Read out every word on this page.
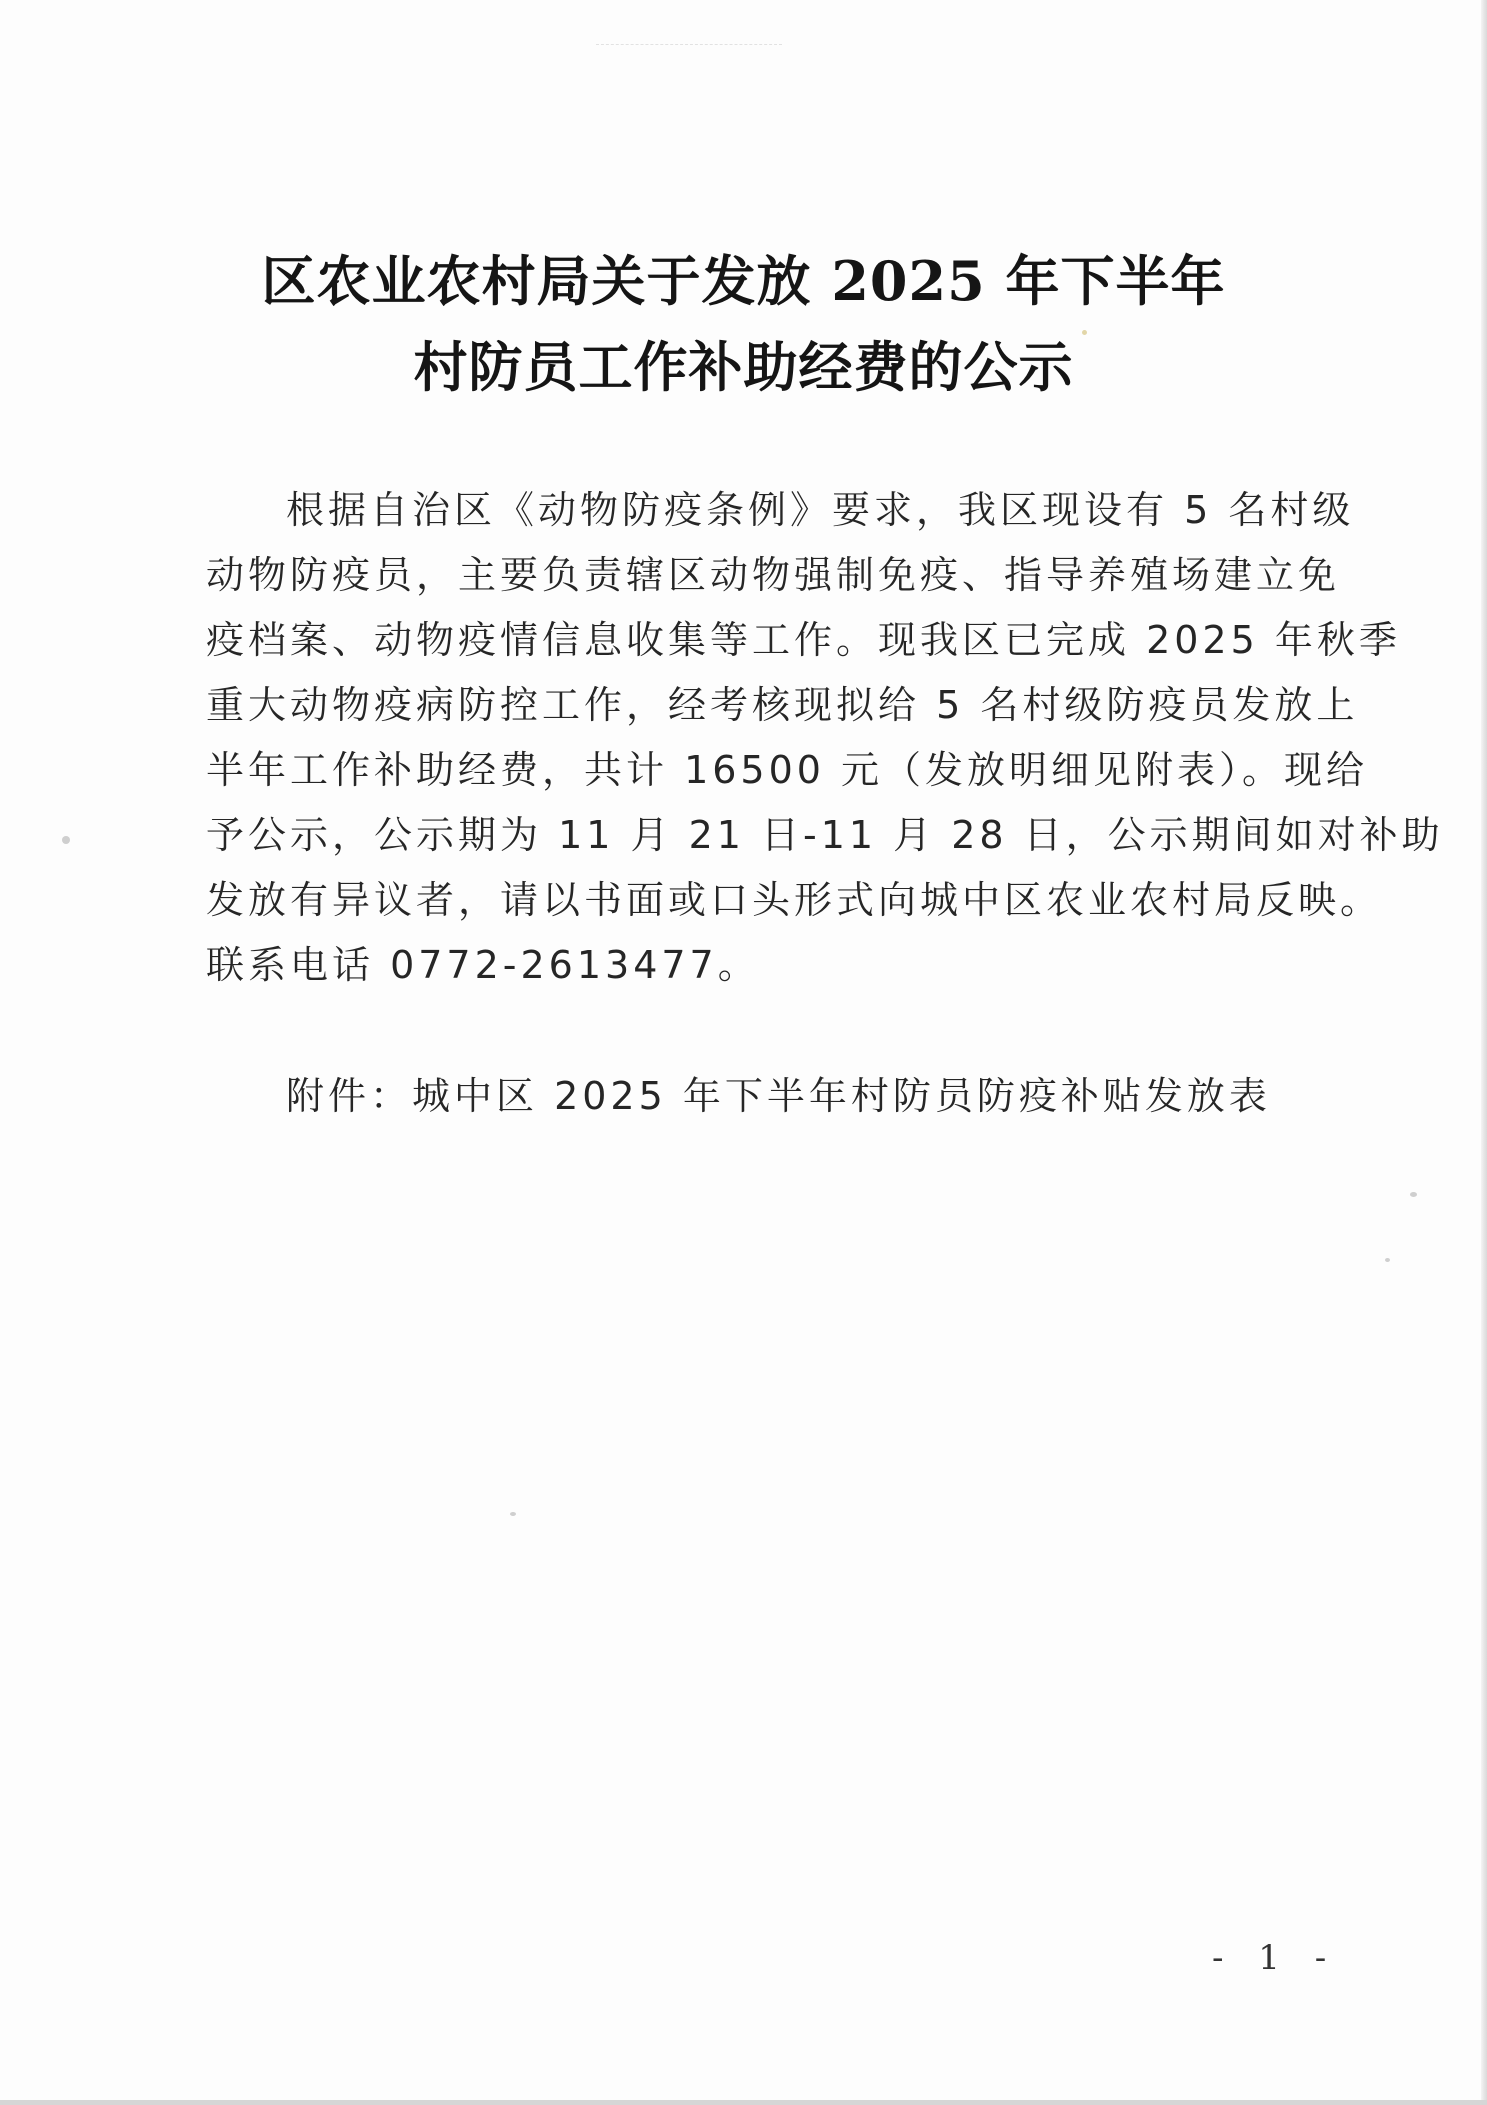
区农业农村局关于发放 2025 年下半年
村防员工作补助经费的公示
根据自治区《动物防疫条例》要求，我区现设有 5 名村级
动物防疫员，主要负责辖区动物强制免疫、指导养殖场建立免
疫档案、动物疫情信息收集等工作。现我区已完成 2025 年秋季
重大动物疫病防控工作，经考核现拟给 5 名村级防疫员发放上
半年工作补助经费，共计 16500 元（发放明细见附表）。现给
予公示，公示期为 11 月 21 日-11 月 28 日，公示期间如对补助
发放有异议者，请以书面或口头形式向城中区农业农村局反映。
联系电话 0772-2613477。
附件：城中区 2025 年下半年村防员防疫补贴发放表
- 1 -
